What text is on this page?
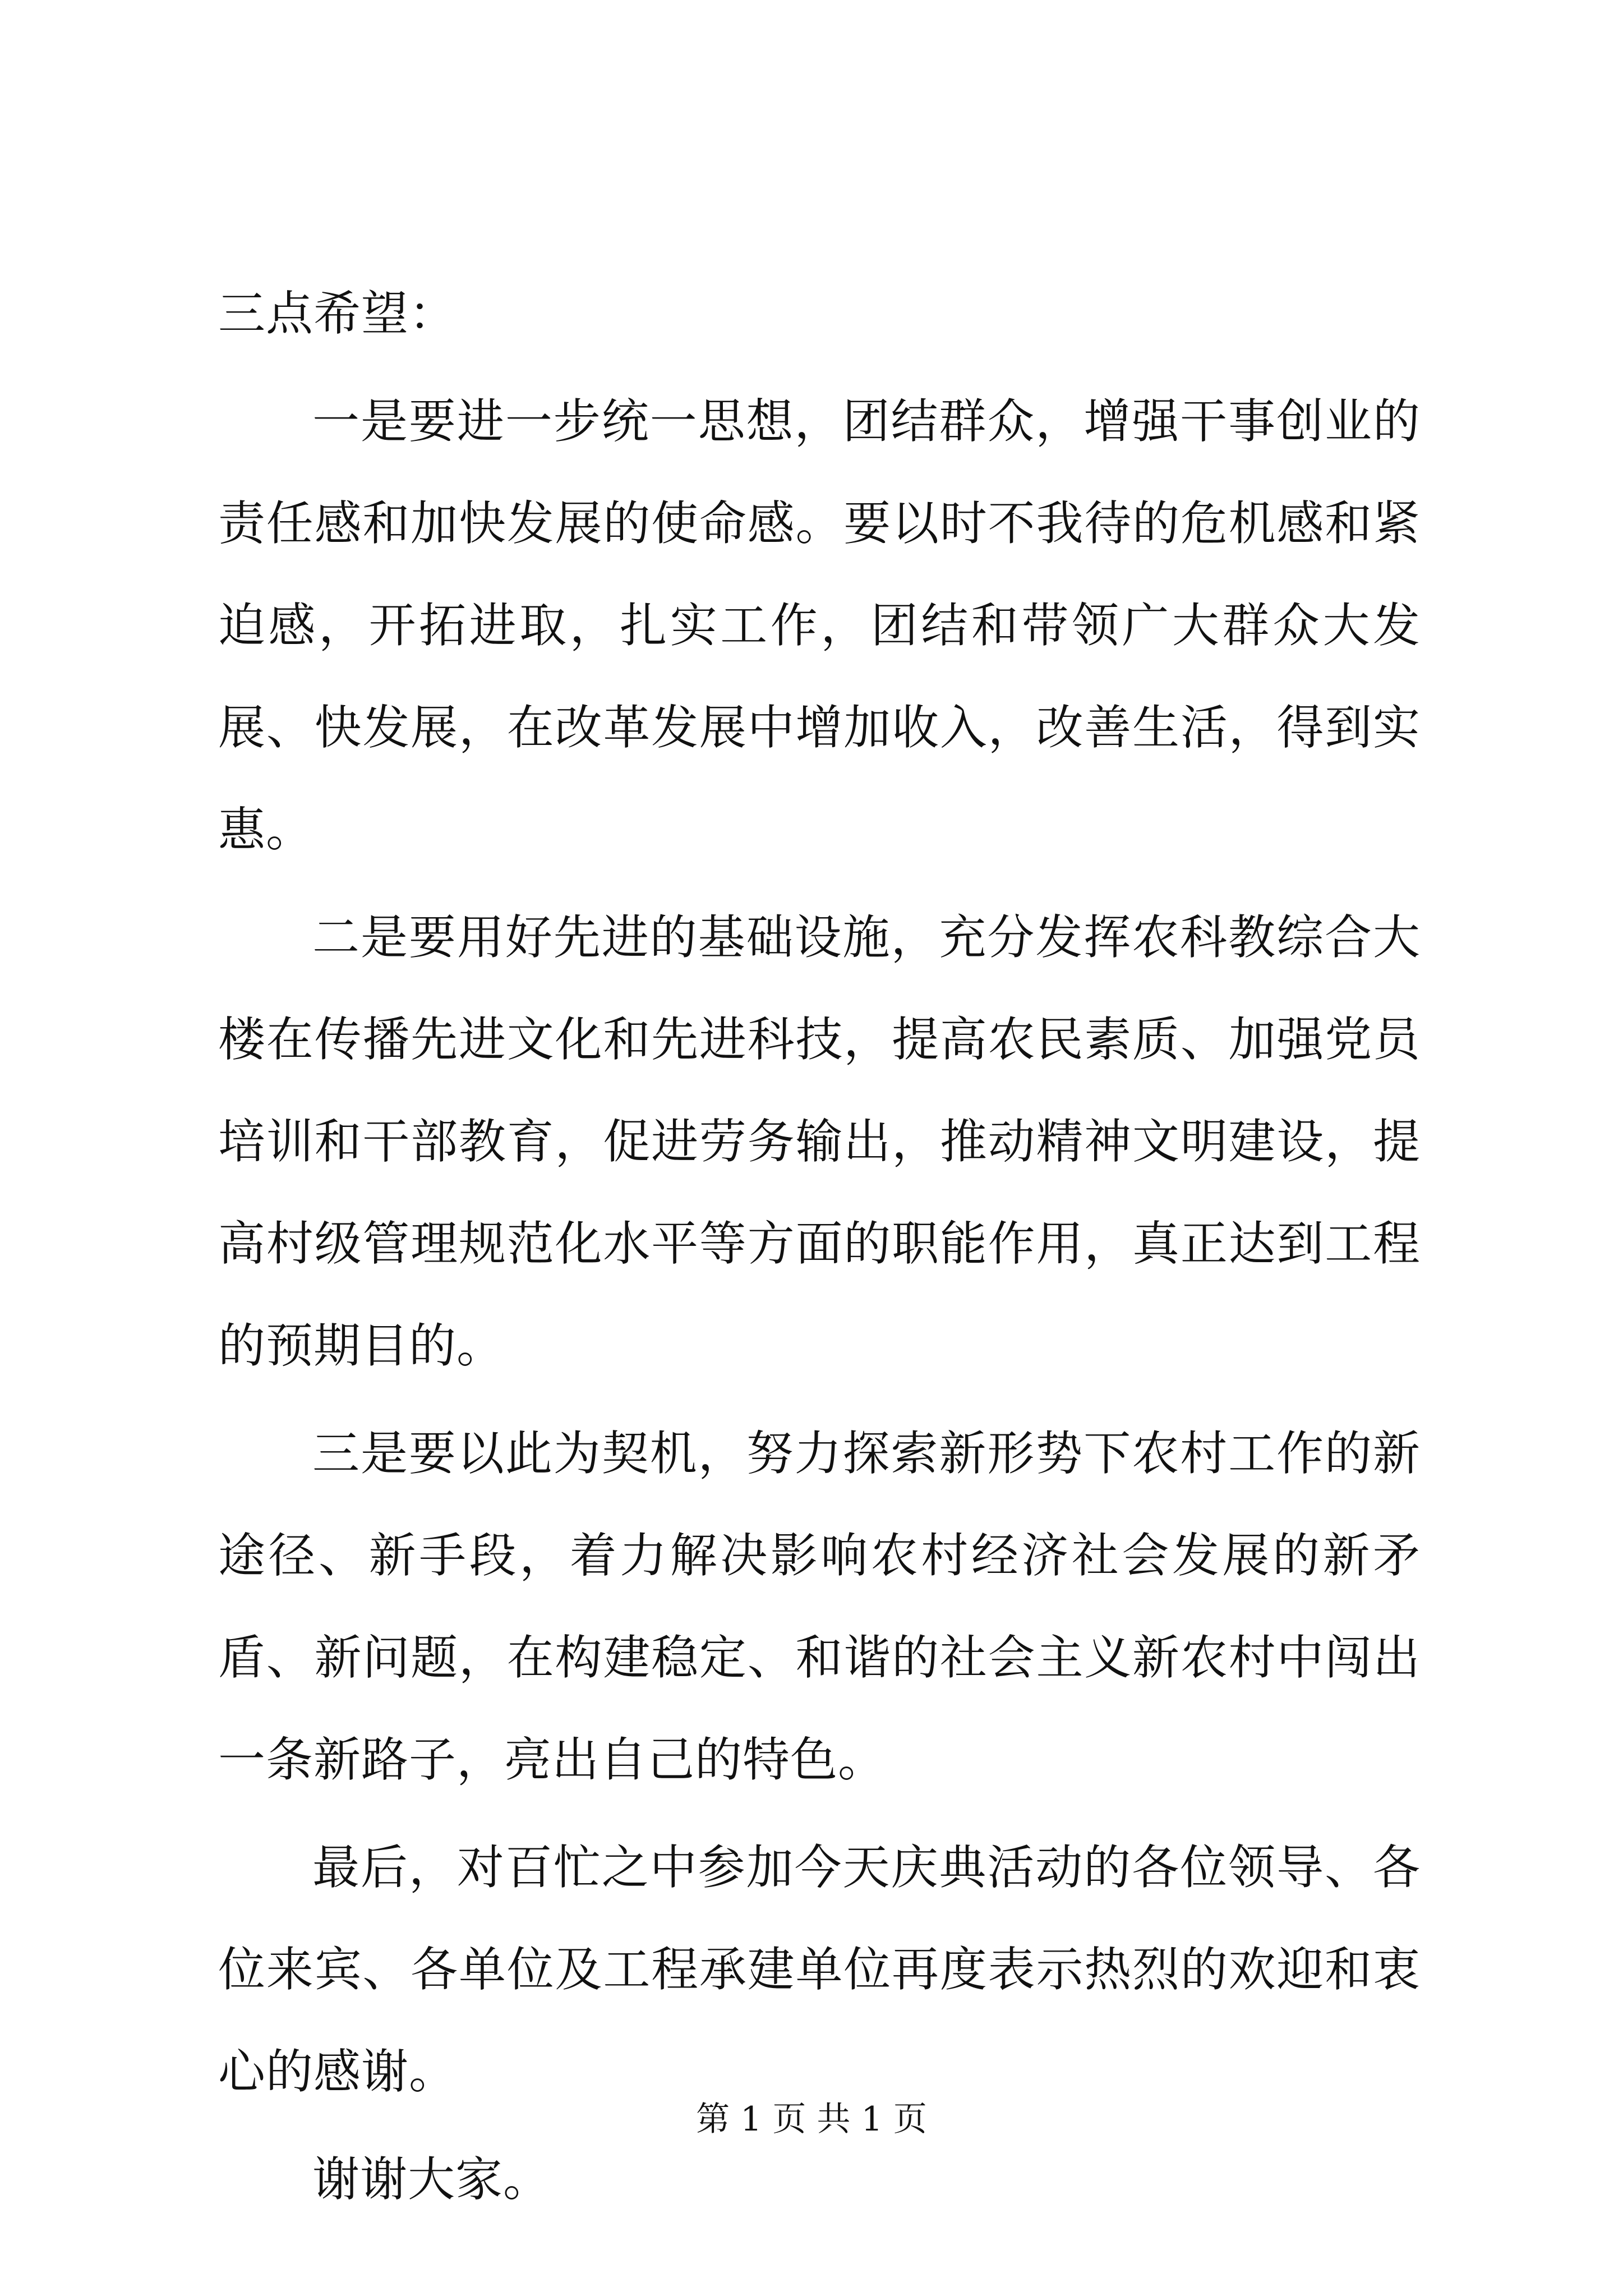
三点希望：

一是要进一步统一思想，团结群众，增强干事创业的责任感和加快发展的使命感。要以时不我待的危机感和紧迫感，开拓进取，扎实工作，团结和带领广大群众大发展、快发展，在改革发展中增加收入，改善生活，得到实惠。

二是要用好先进的基础设施，充分发挥农科教综合大楼在传播先进文化和先进科技，提高农民素质、加强党员培训和干部教育，促进劳务输出，推动精神文明建设，提高村级管理规范化水平等方面的职能作用，真正达到工程的预期目的。

三是要以此为契机，努力探索新形势下农村工作的新途径、新手段，着力解决影响农村经济社会发展的新矛盾、新问题，在构建稳定、和谐的社会主义新农村中闯出一条新路子，亮出自己的特色。

最后，对百忙之中参加今天庆典活动的各位领导、各位来宾、各单位及工程承建单位再度表示热烈的欢迎和衷心的感谢。

谢谢大家。

第 1 页 共 1 页
